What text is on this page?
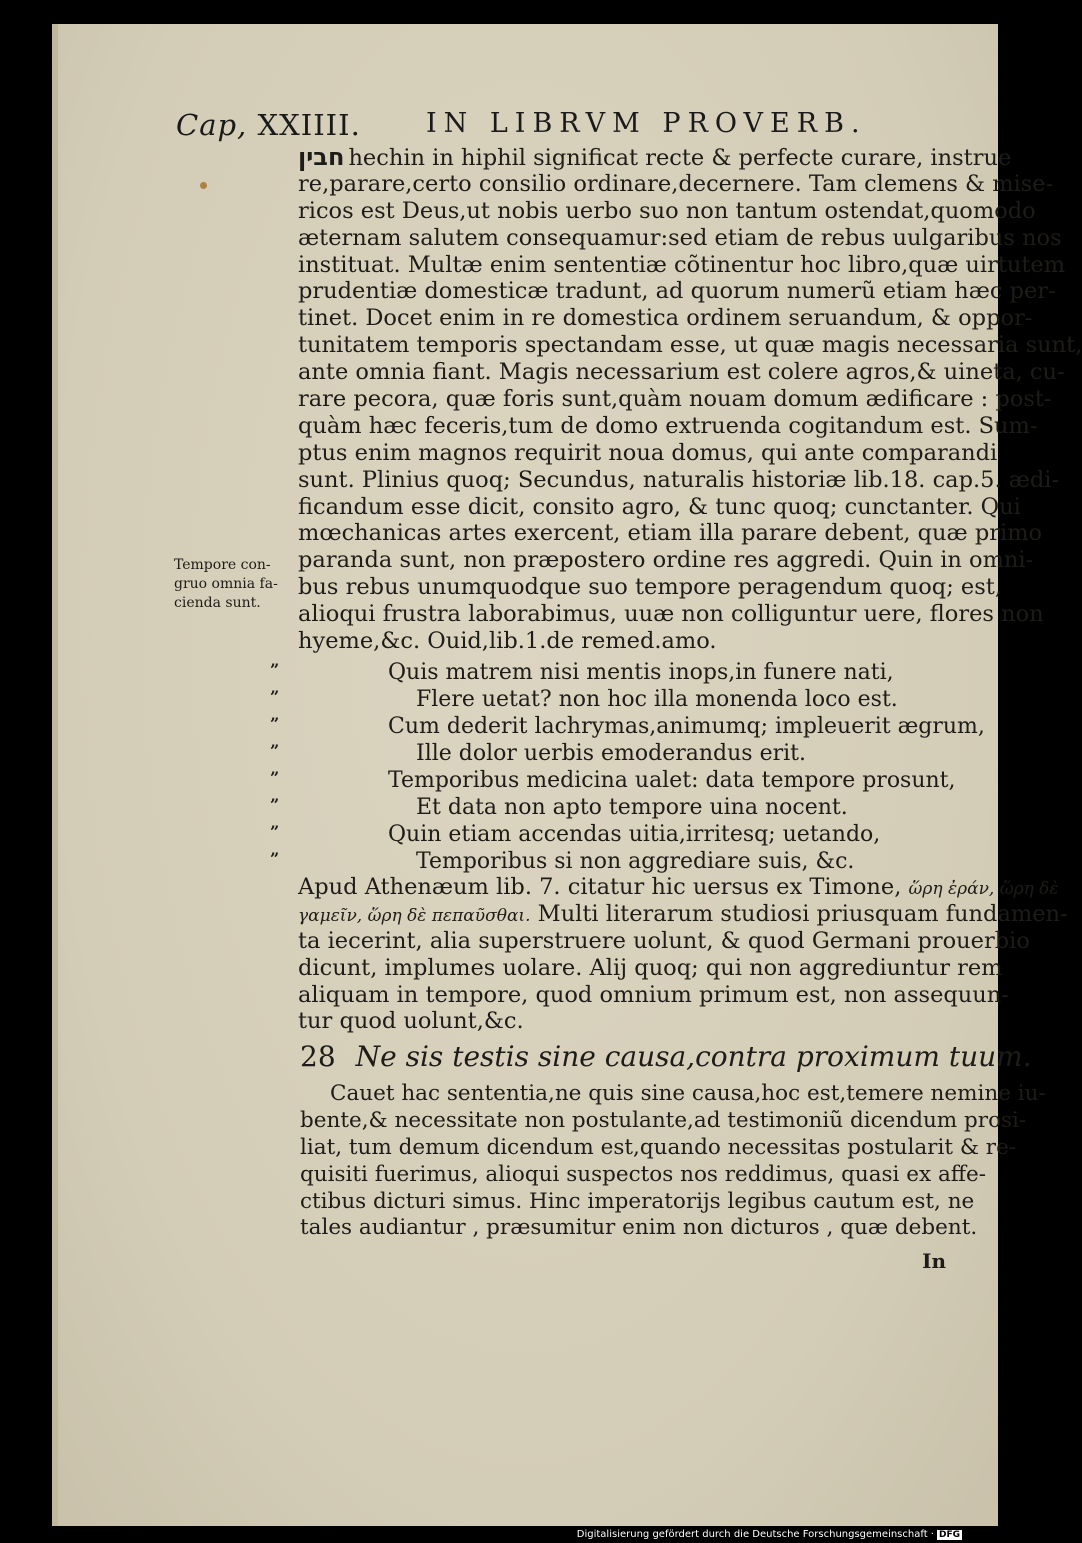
Cap, XXIIII. IN LIBRVM PROVERB.
חבין hechin in hiphil significat recte & perfecte curare, instrue
re,parare,certo consilio ordinare,decernere. Tam clemens & mise-
ricos est Deus,ut nobis uerbo suo non tantum ostendat,quomodo
æternam salutem consequamur:sed etiam de rebus uulgaribus nos
instituat. Multæ enim sententiæ cõtinentur hoc libro,quæ uirtutem
prudentiæ domesticæ tradunt, ad quorum numerũ etiam hæc per-
tinet. Docet enim in re domestica ordinem seruandum, & oppor-
tunitatem temporis spectandam esse, ut quæ magis necessaria sunt,
ante omnia fiant. Magis necessarium est colere agros,& uineta, cu-
rare pecora, quæ foris sunt,quàm nouam domum ædificare : post-
quàm hæc feceris,tum de domo extruenda cogitandum est. Sum-
ptus enim magnos requirit noua domus, qui ante comparandi
sunt. Plinius quoq; Secundus, naturalis historiæ lib.18. cap.5. ædi-
ficandum esse dicit, consito agro, & tunc quoq; cunctanter. Qui
mœchanicas artes exercent, etiam illa parare debent, quæ primo
paranda sunt, non præpostero ordine res aggredi. Quin in omni-
bus rebus unumquodque suo tempore peragendum quoq; est,
alioqui frustra laborabimus, uuæ non colliguntur uere, flores non
hyeme,&c. Ouid,lib.1.de remed.amo.
Tempore con-
gruo omnia fa-
cienda sunt.
”	Quis matrem nisi mentis inops,in funere nati,
”	Flere uetat? non hoc illa monenda loco est.
”	Cum dederit lachrymas,animumq; impleuerit ægrum,
”	Ille dolor uerbis emoderandus erit.
”	Temporibus medicina ualet: data tempore prosunt,
”	Et data non apto tempore uina nocent.
”	Quin etiam accendas uitia,irritesq; uetando,
”	Temporibus si non aggrediare suis, &c.
Apud Athenæum lib. 7. citatur hic uersus ex Timone, ὥρη ἐράν, ὥρη δὲ
γαμεῖν, ὥρη δὲ πεπαῦσθαι. Multi literarum studiosi priusquam fundamen-
ta iecerint, alia superstruere uolunt, & quod Germani prouerbio
dicunt, implumes uolare. Alij quoq; qui non aggrediuntur rem
aliquam in tempore, quod omnium primum est, non assequun-
tur quod uolunt,&c.
28 Ne sis testis sine causa,contra proximum tuum.
Cauet hac sententia,ne quis sine causa,hoc est,temere nemine iu-
bente,& necessitate non postulante,ad testimoniũ dicendum prosi-
liat, tum demum dicendum est,quando necessitas postularit & re-
quisiti fuerimus, alioqui suspectos nos reddimus, quasi ex affe-
ctibus dicturi simus. Hinc imperatorijs legibus cautum est, ne
tales audiantur , præsumitur enim non dicturos , quæ debent.
In
Digitalisierung gefördert durch die Deutsche Forschungsgemeinschaft · DFG
